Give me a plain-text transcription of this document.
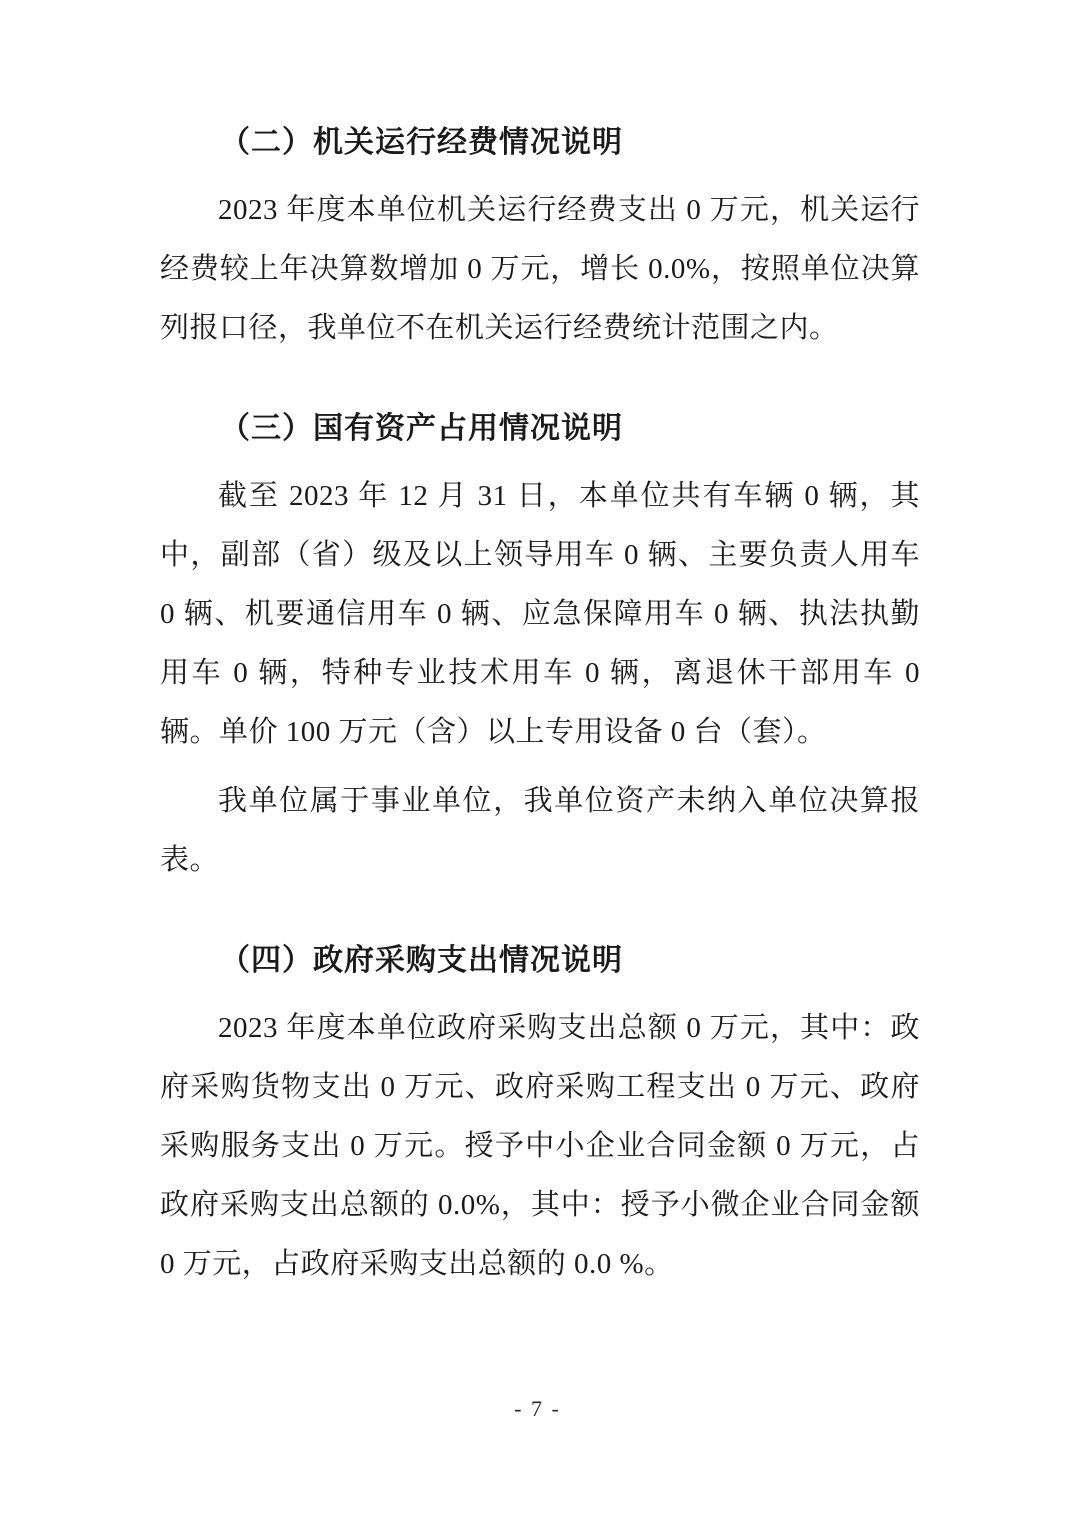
（二）机关运行经费情况说明

2023 年度本单位机关运行经费支出 0 万元，机关运行经费较上年决算数增加 0 万元，增长 0.0%，按照单位决算列报口径，我单位不在机关运行经费统计范围之内。

（三）国有资产占用情况说明

截至 2023 年 12 月 31 日，本单位共有车辆 0 辆，其中，副部（省）级及以上领导用车 0 辆、主要负责人用车 0 辆、机要通信用车 0 辆、应急保障用车 0 辆、执法执勤用车 0 辆，特种专业技术用车 0 辆，离退休干部用车 0 辆。单价 100 万元（含）以上专用设备 0 台（套）。

我单位属于事业单位，我单位资产未纳入单位决算报表。

（四）政府采购支出情况说明

2023 年度本单位政府采购支出总额 0 万元，其中：政府采购货物支出 0 万元、政府采购工程支出 0 万元、政府采购服务支出 0 万元。授予中小企业合同金额 0 万元，占政府采购支出总额的 0.0%，其中：授予小微企业合同金额 0 万元，占政府采购支出总额的 0.0 %。

- 7 -
